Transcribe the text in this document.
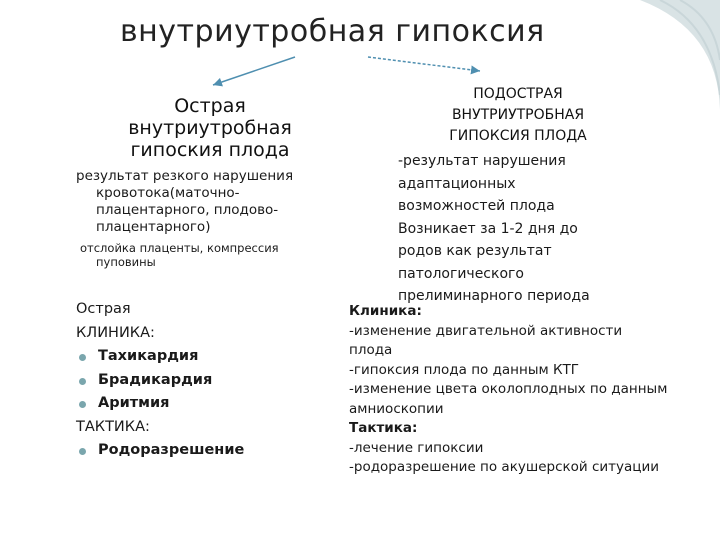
внутриутробная гипоксия
Острая
внутриутробная
гипоския плода
результат резкого нарушения
кровотока(маточно-
плацентарного, плодово-
плацентарного)
отслойка плаценты, компрессия
пуповины
Острая
КЛИНИКА:
Тахикардия
Брадикардия
Аритмия
ТАКТИКА:
Родоразрешение
ПОДОСТРАЯ
ВНУТРИУТРОБНАЯ
ГИПОКСИЯ ПЛОДА
-результат нарушения
адаптационных
возможностей плода
Возникает за 1-2 дня до
родов как результат
патологического
прелиминарного периода
Клиника:
-изменение двигательной активности
плода
-гипоксия плода по данным КТГ
-изменение цвета околоплодных по данным
амниоскопии
Тактика:
-лечение гипоксии
-родоразрешение по акушерской ситуации
